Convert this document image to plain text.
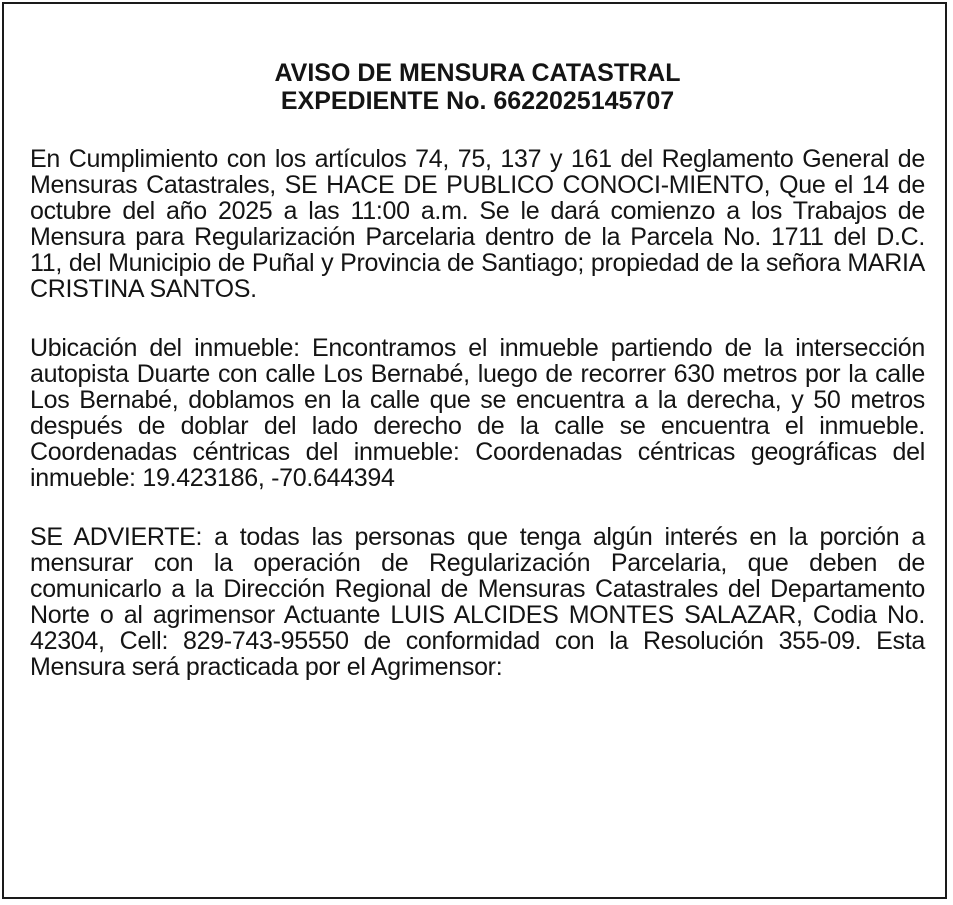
AVISO DE MENSURA CATASTRAL
EXPEDIENTE No. 6622025145707

En Cumplimiento con los artículos 74, 75, 137 y 161 del Reglamento General de Mensuras Catastrales, SE HACE DE PUBLICO CONOCI-MIENTO, Que el 14 de octubre del año 2025 a las 11:00 a.m. Se le dará comienzo a los Trabajos de Mensura para Regularización Parcelaria dentro de la Parcela No. 1711 del D.C. 11, del Municipio de Puñal y Provincia de Santiago; propiedad de la señora MARIA CRISTINA SANTOS.

Ubicación del inmueble: Encontramos el inmueble partiendo de la intersección autopista Duarte con calle Los Bernabé, luego de recorrer 630 metros por la calle Los Bernabé, doblamos en la calle que se encuentra a la derecha, y 50 metros después de doblar del lado derecho de la calle se encuentra el inmueble. Coordenadas céntricas del inmueble: Coordenadas céntricas geográficas del inmueble: 19.423186, -70.644394

SE ADVIERTE: a todas las personas que tenga algún interés en la porción a mensurar con la operación de Regularización Parcelaria, que deben de comunicarlo a la Dirección Regional de Mensuras Catastrales del Departamento Norte o al agrimensor Actuante LUIS ALCIDES MONTES SALAZAR, Codia No. 42304, Cell: 829-743-95550 de conformidad con la Resolución 355-09. Esta Mensura será practicada por el Agrimensor:
